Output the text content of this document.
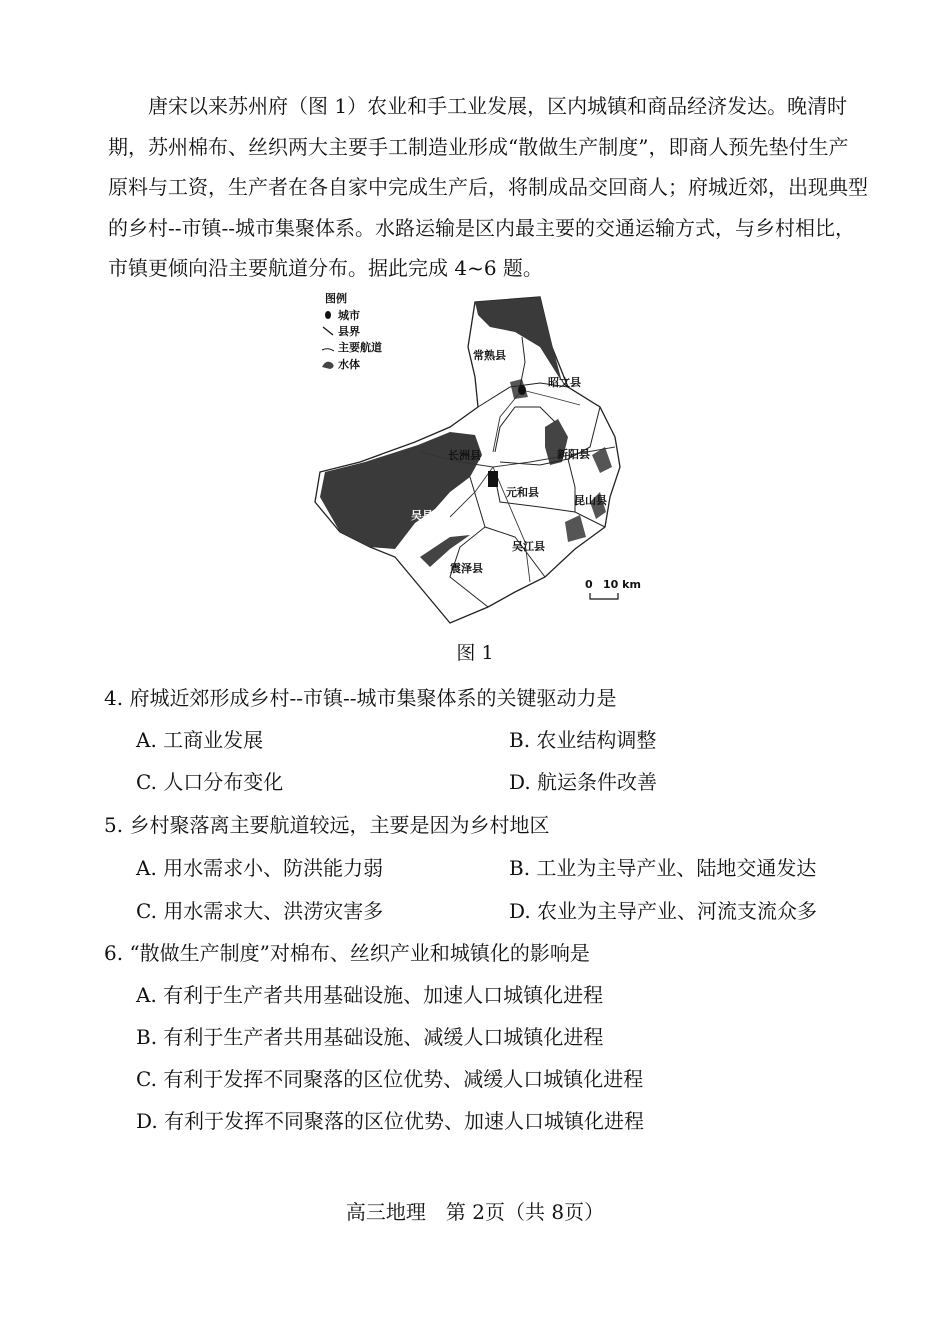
唐宋以来苏州府（图 1）农业和手工业发展，区内城镇和商品经济发达。晚清时期，苏州棉布、丝织两大主要手工制造业形成“散做生产制度”，即商人预先垫付生产原料与工资，生产者在各自家中完成生产后，将制成品交回商人；府城近郊，出现典型的乡村--市镇--城市集聚体系。水路运输是区内最主要的交通运输方式，与乡村相比，市镇更倾向沿主要航道分布。据此完成 4~6 题。

图例
城市
县界
主要航道
水体
常熟县
昭文县
新阳县
长洲县
元和县
昆山县
吴县
吴江县
震泽县
0 10 km
图 1
4. 府城近郊形成乡村--市镇--城市集聚体系的关键驱动力是
A. 工商业发展	B. 农业结构调整
C. 人口分布变化	D. 航运条件改善
5. 乡村聚落离主要航道较远，主要是因为乡村地区
A. 用水需求小、防洪能力弱	B. 工业为主导产业、陆地交通发达
C. 用水需求大、洪涝灾害多	D. 农业为主导产业、河流支流众多
6. “散做生产制度”对棉布、丝织产业和城镇化的影响是
A. 有利于生产者共用基础设施、加速人口城镇化进程
B. 有利于生产者共用基础设施、减缓人口城镇化进程
C. 有利于发挥不同聚落的区位优势、减缓人口城镇化进程
D. 有利于发挥不同聚落的区位优势、加速人口城镇化进程
高三地理　第 2页（共 8页）
